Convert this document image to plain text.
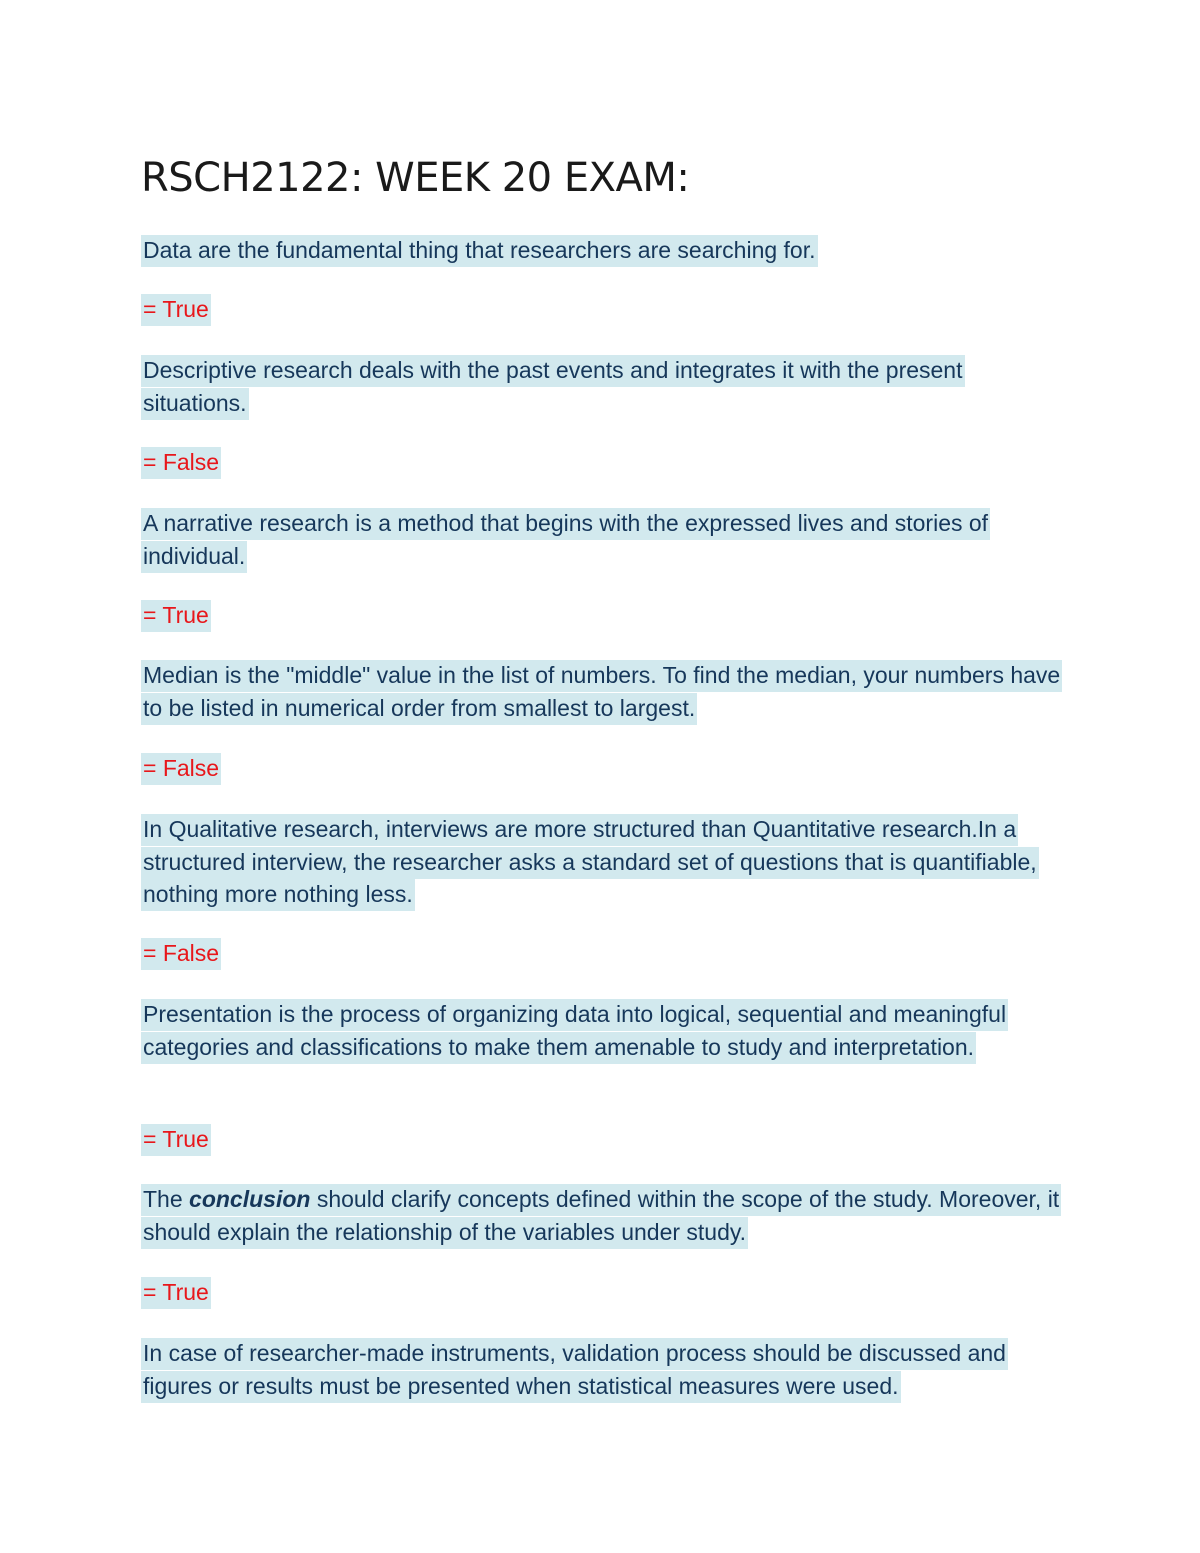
RSCH2122: WEEK 20 EXAM:

Data are the fundamental thing that researchers are searching for.

= True

Descriptive research deals with the past events and integrates it with the present situations.

= False

A narrative research is a method that begins with the expressed lives and stories of individual.

= True

Median is the "middle" value in the list of numbers. To find the median, your numbers have to be listed in numerical order from smallest to largest.

= False

In Qualitative research, interviews are more structured than Quantitative research.In a structured interview, the researcher asks a standard set of questions that is quantifiable, nothing more nothing less.

= False

Presentation is the process of organizing data into logical, sequential and meaningful categories and classifications to make them amenable to study and interpretation.

= True

The conclusion should clarify concepts defined within the scope of the study. Moreover, it should explain the relationship of the variables under study.

= True

In case of researcher-made instruments, validation process should be discussed and figures or results must be presented when statistical measures were used.
